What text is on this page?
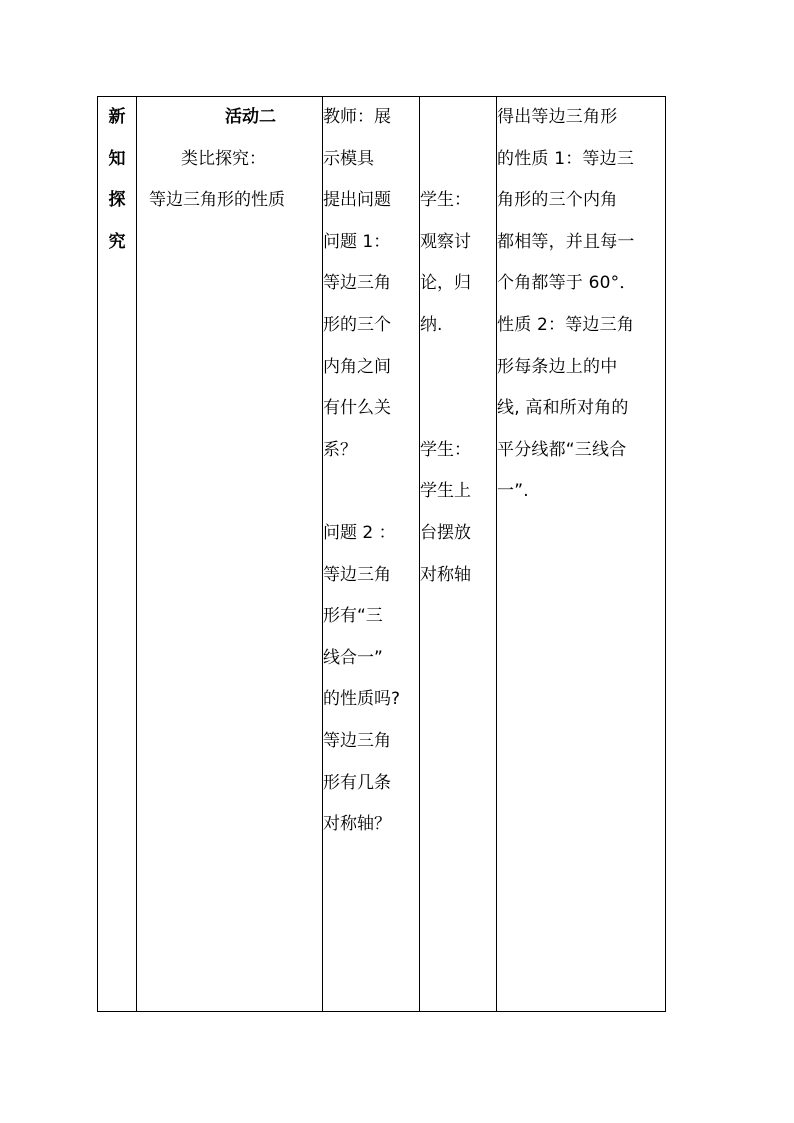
新
知
探
究

活动二
类比探究：
等边三角形的性质

教师：展
示模具
提出问题
问题 1：
等边三角
形的三个
内角之间
有什么关
系？
问题 2 ：
等边三角
形有“三
线合一”
的性质吗?
等边三角
形有几条
对称轴？

学生：
观察讨
论，归
纳.
学生：
学生上
台摆放
对称轴

得出等边三角形
的性质 1：等边三
角形的三个内角
都相等，并且每一
个角都等于 60°．
性质 2：等边三角
形每条边上的中
线, 高和所对角的
平分线都“三线合
一”.
